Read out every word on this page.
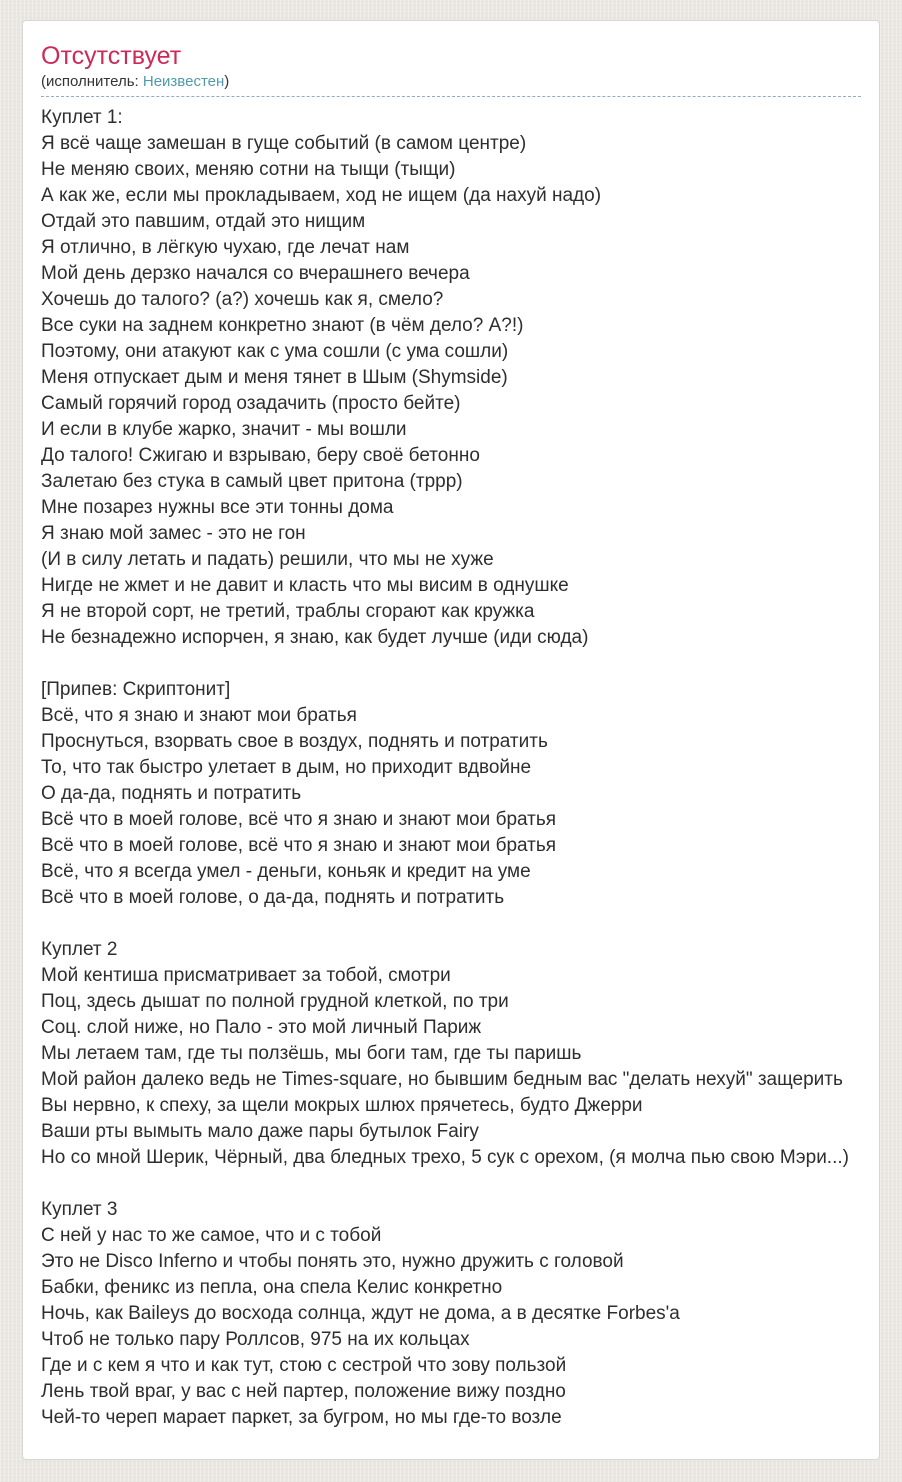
Отсутствует
(исполнитель: Неизвестен)
Куплет 1:
Я всё чаще замешан в гуще событий (в самом центре)
Не меняю своих, меняю сотни на тыщи (тыщи)
А как же, если мы прокладываем, ход не ищем (да нахуй надо)
Отдай это павшим, отдай это нищим
Я отлично, в лёгкую чухаю, где лечат нам
Мой день дерзко начался со вчерашнего вечера
Хочешь до талого? (а?) хочешь как я, смело?
Все суки на заднем конкретно знают (в чём дело? А?!)
Поэтому, они атакуют как с ума сошли (с ума сошли)
Меня отпускает дым и меня тянет в Шым (Shymside)
Самый горячий город озадачить (просто бейте)
И если в клубе жарко, значит - мы вошли
До талого! Сжигаю и взрываю, беру своё бетонно
Залетаю без стука в самый цвет притона (тррр)
Мне позарез нужны все эти тонны дома
Я знаю мой замес - это не гон
(И в силу летать и падать) решили, что мы не хуже
Нигде не жмет и не давит и класть что мы висим в однушке
Я не второй сорт, не третий, траблы сгорают как кружка
Не безнадежно испорчен, я знаю, как будет лучше (иди сюда)
[Припев: Скриптонит]
Всё, что я знаю и знают мои братья
Проснуться, взорвать свое в воздух, поднять и потратить
То, что так быстро улетает в дым, но приходит вдвойне
О да-да, поднять и потратить
Всё что в моей голове, всё что я знаю и знают мои братья
Всё что в моей голове, всё что я знаю и знают мои братья
Всё, что я всегда умел - деньги, коньяк и кредит на уме
Всё что в моей голове, о да-да, поднять и потратить
Куплет 2
Мой кентиша присматривает за тобой, смотри
Поц, здесь дышат по полной грудной клеткой, по три
Соц. слой ниже, но Пало - это мой личный Париж
Мы летаем там, где ты ползёшь, мы боги там, где ты паришь
Мой район далеко ведь не Times-square, но бывшим бедным вас "делать нехуй" защерить
Вы нервно, к спеху, за щели мокрых шлюх прячетесь, будто Джерри
Ваши рты вымыть мало даже пары бутылок Fairy
Но со мной Шерик, Чёрный, два бледных трехо, 5 сук с орехом, (я молча пью свою Мэри...)
Куплет 3
С ней у нас то же самое, что и с тобой
Это не Disco Inferno и чтобы понять это, нужно дружить с головой
Бабки, феникс из пепла, она спела Келис конкретно
Ночь, как Baileys до восхода солнца, ждут не дома, а в десятке Forbes'a
Чтоб не только пару Роллсов, 975 на их кольцах
Где и с кем я что и как тут, стою с сестрой что зову пользой
Лень твой враг, у вас с ней партер, положение вижу поздно
Чей-то череп марает паркет, за бугром, но мы где-то возле
